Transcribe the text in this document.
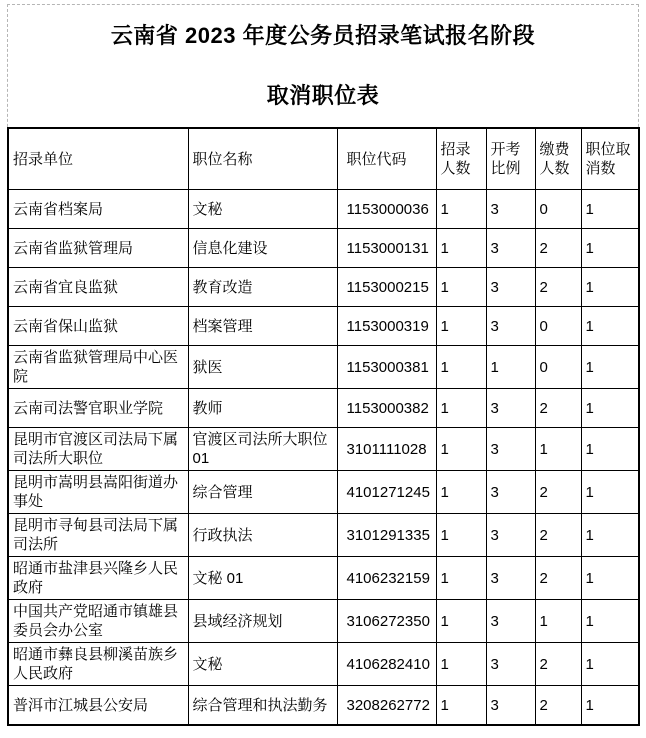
云南省 2023 年度公务员招录笔试报名阶段
取消职位表
招录单位	职位名称	职位代码	招录人数	开考比例	缴费人数	职位取消数
云南省档案局	文秘	1153000036	1	3	0	1
云南省监狱管理局	信息化建设	1153000131	1	3	2	1
云南省宜良监狱	教育改造	1153000215	1	3	2	1
云南省保山监狱	档案管理	1153000319	1	3	0	1
云南省监狱管理局中心医院	狱医	1153000381	1	1	0	1
云南司法警官职业学院	教师	1153000382	1	3	2	1
昆明市官渡区司法局下属司法所大职位	官渡区司法所大职位01	3101111028	1	3	1	1
昆明市嵩明县嵩阳街道办事处	综合管理	4101271245	1	3	2	1
昆明市寻甸县司法局下属司法所	行政执法	3101291335	1	3	2	1
昭通市盐津县兴隆乡人民政府	文秘 01	4106232159	1	3	2	1
中国共产党昭通市镇雄县委员会办公室	县域经济规划	3106272350	1	3	1	1
昭通市彝良县柳溪苗族乡人民政府	文秘	4106282410	1	3	2	1
普洱市江城县公安局	综合管理和执法勤务	3208262772	1	3	2	1
